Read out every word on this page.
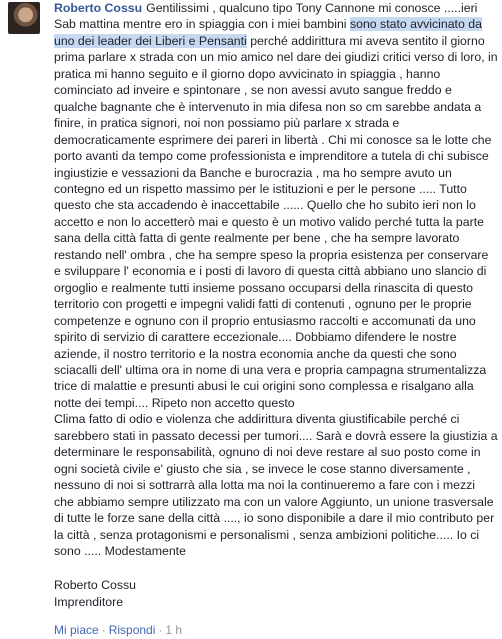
Roberto Cossu Gentilissimi , qualcuno tipo Tony Cannone mi conosce .....ieri Sab mattina mentre ero in spiaggia con i miei bambini sono stato avvicinato da uno dei leader dei Liberi e Pensanti perché addirittura mi aveva sentito il giorno prima parlare x strada con un mio amico nel dare dei giudizi critici verso di loro, in pratica mi hanno seguito e il giorno dopo avvicinato in spiaggia , hanno cominciato ad inveire e spintonare , se non avessi avuto sangue freddo e qualche bagnante che è intervenuto in mia difesa non so cm sarebbe andata a finire, in pratica signori, noi non possiamo più parlare x strada e democraticamente esprimere dei pareri in libertà . Chi mi conosce sa le lotte che porto avanti da tempo come professionista e imprenditore a tutela di chi subisce ingiustizie e vessazioni da Banche e burocrazia , ma ho sempre avuto un contegno ed un rispetto massimo per le istituzioni e per le persone ..... Tutto questo che sta accadendo è inaccettabile ...... Quello che ho subito ieri non lo accetto e non lo accetterò mai e questo è un motivo valido perché tutta la parte sana della città fatta di gente realmente per bene , che ha sempre lavorato restando nell' ombra , che ha sempre speso la propria esistenza per conservare e sviluppare l' economia e i posti di lavoro di questa città abbiano uno slancio di orgoglio e realmente tutti insieme possano occuparsi della rinascita di questo territorio con progetti e impegni validi fatti di contenuti , ognuno per le proprie competenze e ognuno con il proprio entusiasmo raccolti e accomunati da uno spirito di servizio di carattere eccezionale.... Dobbiamo difendere le nostre aziende, il nostro territorio e la nostra economia anche da questi che sono sciacalli dell' ultima ora in nome di una vera e propria campagna strumentalizza trice di malattie e presunti abusi le cui origini sono complessa e risalgano alla notte dei tempi.... Ripeto non accetto questo

Clima fatto di odio e violenza che addirittura diventa giustificabile perché ci sarebbero stati in passato decessi per tumori.... Sarà e dovrà essere la giustizia a determinare le responsabilità, ognuno di noi deve restare al suo posto come in ogni società civile e' giusto che sia , se invece le cose stanno diversamente , nessuno di noi si sottrarrà alla lotta ma noi la continueremo a fare con i mezzi che abbiamo sempre utilizzato ma con un valore Aggiunto, un unione trasversale di tutte le forze sane della città ...., io sono disponibile a dare il mio contributo per la città , senza protagonismi e personalismi , senza ambizioni politiche..... Io ci sono ..... Modestamente

Roberto Cossu
Imprenditore
Mi piace · Rispondi · 1 h
